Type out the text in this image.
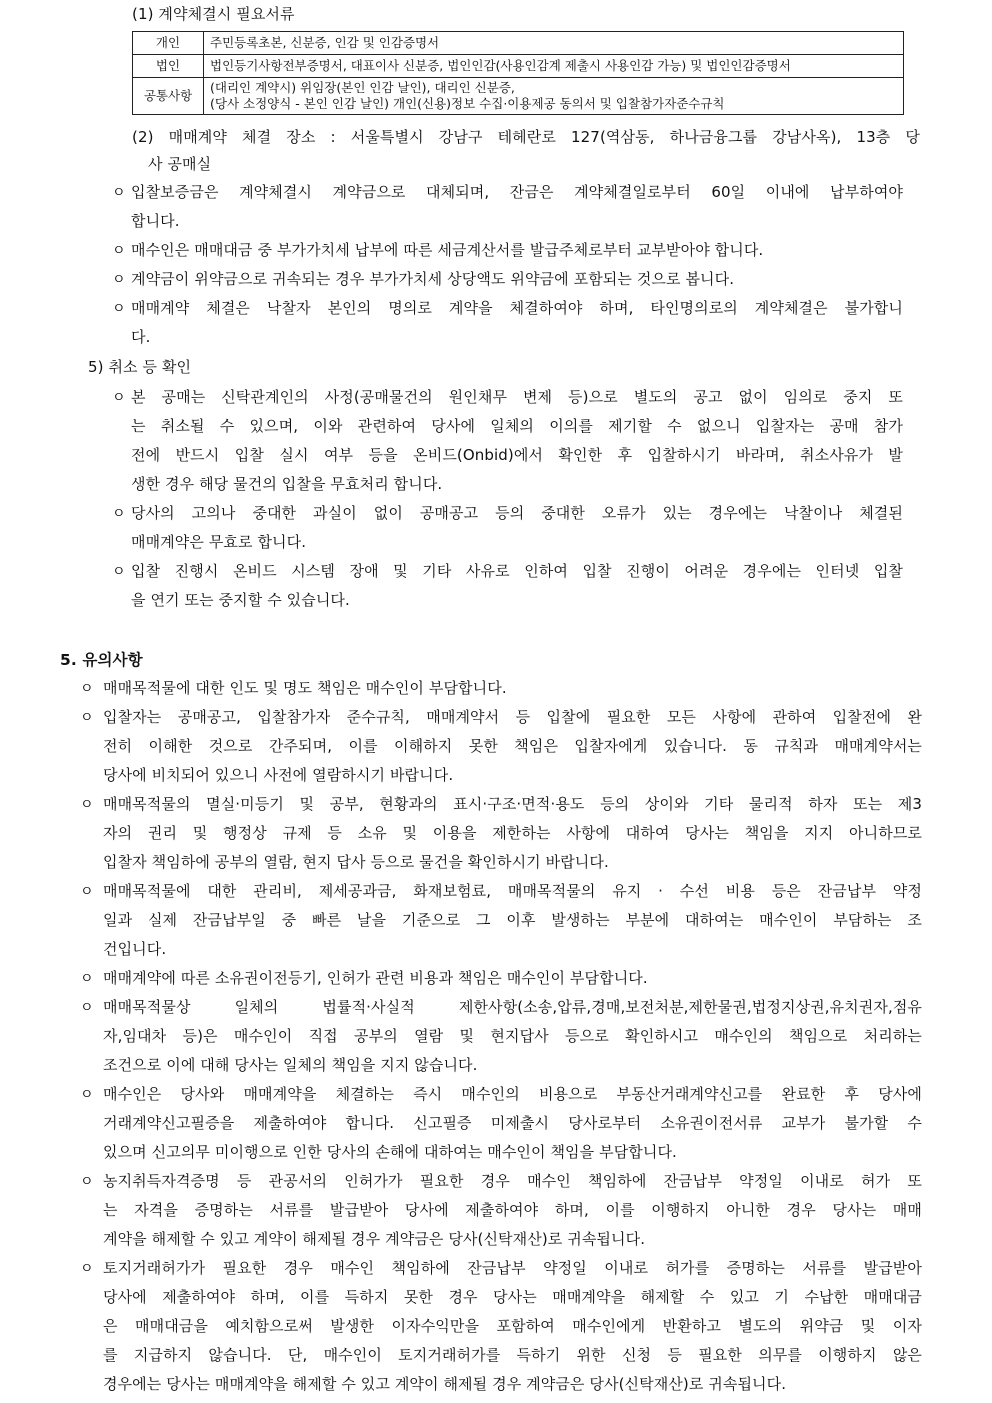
(1) 계약체결시 필요서류
개인	주민등록초본, 신분증, 인감 및 인감증명서
법인	법인등기사항전부증명서, 대표이사 신분증, 법인인감(사용인감계 제출시 사용인감 가능) 및 법인인감증명서
공통사항	(대리인 계약시) 위임장(본인 인감 날인), 대리인 신분증,
(당사 소정양식 - 본인 인감 날인) 개인(신용)정보 수집·이용제공 동의서 및 입찰참가자준수규칙
(2) 매매계약 체결 장소 : 서울특별시 강남구 테헤란로 127(역삼동, 하나금융그룹 강남사옥), 13층 당
사 공매실
ㅇ 입찰보증금은 계약체결시 계약금으로 대체되며, 잔금은 계약체결일로부터 60일 이내에 납부하여야
합니다.
ㅇ 매수인은 매매대금 중 부가가치세 납부에 따른 세금계산서를 발급주체로부터 교부받아야 합니다.
ㅇ 계약금이 위약금으로 귀속되는 경우 부가가치세 상당액도 위약금에 포함되는 것으로 봅니다.
ㅇ 매매계약 체결은 낙찰자 본인의 명의로 계약을 체결하여야 하며, 타인명의로의 계약체결은 불가합니
다.
5) 취소 등 확인
ㅇ 본 공매는 신탁관계인의 사정(공매물건의 원인채무 변제 등)으로 별도의 공고 없이 임의로 중지 또
는 취소될 수 있으며, 이와 관련하여 당사에 일체의 이의를 제기할 수 없으니 입찰자는 공매 참가
전에 반드시 입찰 실시 여부 등을 온비드(Onbid)에서 확인한 후 입찰하시기 바라며, 취소사유가 발
생한 경우 해당 물건의 입찰을 무효처리 합니다.
ㅇ 당사의 고의나 중대한 과실이 없이 공매공고 등의 중대한 오류가 있는 경우에는 낙찰이나 체결된
매매계약은 무효로 합니다.
ㅇ 입찰 진행시 온비드 시스템 장애 및 기타 사유로 인하여 입찰 진행이 어려운 경우에는 인터넷 입찰
을 연기 또는 중지할 수 있습니다.
5. 유의사항
ㅇ 매매목적물에 대한 인도 및 명도 책임은 매수인이 부담합니다.
ㅇ 입찰자는 공매공고, 입찰참가자 준수규칙, 매매계약서 등 입찰에 필요한 모든 사항에 관하여 입찰전에 완
전히 이해한 것으로 간주되며, 이를 이해하지 못한 책임은 입찰자에게 있습니다. 동 규칙과 매매계약서는
당사에 비치되어 있으니 사전에 열람하시기 바랍니다.
ㅇ 매매목적물의 멸실·미등기 및 공부, 현황과의 표시·구조·면적·용도 등의 상이와 기타 물리적 하자 또는 제3
자의 권리 및 행정상 규제 등 소유 및 이용을 제한하는 사항에 대하여 당사는 책임을 지지 아니하므로
입찰자 책임하에 공부의 열람, 현지 답사 등으로 물건을 확인하시기 바랍니다.
ㅇ 매매목적물에 대한 관리비, 제세공과금, 화재보험료, 매매목적물의 유지 · 수선 비용 등은 잔금납부 약정
일과 실제 잔금납부일 중 빠른 날을 기준으로 그 이후 발생하는 부분에 대하여는 매수인이 부담하는 조
건입니다.
ㅇ 매매계약에 따른 소유권이전등기, 인허가 관련 비용과 책임은 매수인이 부담합니다.
ㅇ 매매목적물상 일체의 법률적·사실적 제한사항(소송,압류,경매,보전처분,제한물권,법정지상권,유치권자,점유
자,임대차 등)은 매수인이 직접 공부의 열람 및 현지답사 등으로 확인하시고 매수인의 책임으로 처리하는
조건으로 이에 대해 당사는 일체의 책임을 지지 않습니다.
ㅇ 매수인은 당사와 매매계약을 체결하는 즉시 매수인의 비용으로 부동산거래계약신고를 완료한 후 당사에
거래계약신고필증을 제출하여야 합니다. 신고필증 미제출시 당사로부터 소유권이전서류 교부가 불가할 수
있으며 신고의무 미이행으로 인한 당사의 손해에 대하여는 매수인이 책임을 부담합니다.
ㅇ 농지취득자격증명 등 관공서의 인허가가 필요한 경우 매수인 책임하에 잔금납부 약정일 이내로 허가 또
는 자격을 증명하는 서류를 발급받아 당사에 제출하여야 하며, 이를 이행하지 아니한 경우 당사는 매매
계약을 해제할 수 있고 계약이 해제될 경우 계약금은 당사(신탁재산)로 귀속됩니다.
ㅇ 토지거래허가가 필요한 경우 매수인 책임하에 잔금납부 약정일 이내로 허가를 증명하는 서류를 발급받아
당사에 제출하여야 하며, 이를 득하지 못한 경우 당사는 매매계약을 해제할 수 있고 기 수납한 매매대금
은 매매대금을 예치함으로써 발생한 이자수익만을 포함하여 매수인에게 반환하고 별도의 위약금 및 이자
를 지급하지 않습니다. 단, 매수인이 토지거래허가를 득하기 위한 신청 등 필요한 의무를 이행하지 않은
경우에는 당사는 매매계약을 해제할 수 있고 계약이 해제될 경우 계약금은 당사(신탁재산)로 귀속됩니다.
